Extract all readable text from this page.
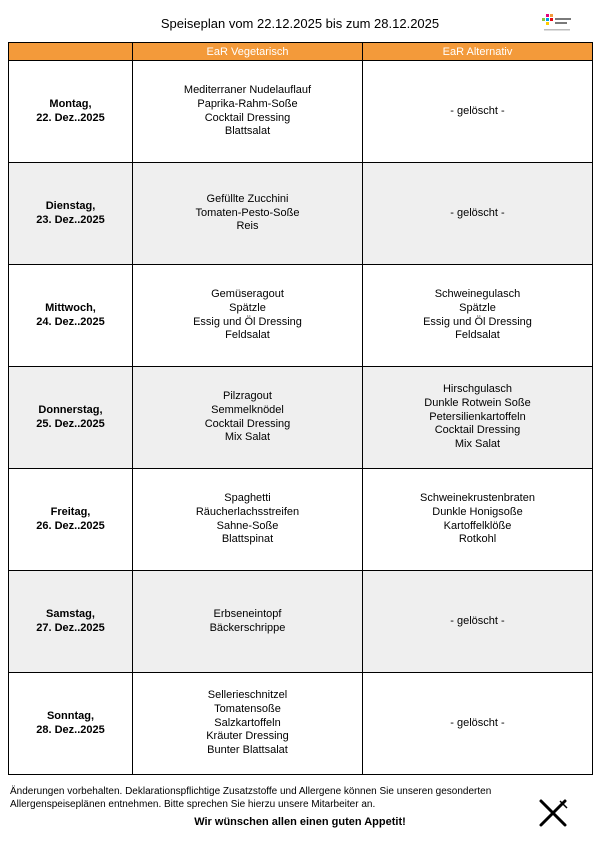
Speiseplan vom 22.12.2025 bis zum 28.12.2025
	EaR Vegetarisch	EaR Alternativ

Montag,
22. Dez..2025	Mediterraner Nudelauflauf
Paprika-Rahm-Soße
Cocktail Dressing
Blattsalat	- gelöscht -

Dienstag,
23. Dez..2025	Gefüllte Zucchini
Tomaten-Pesto-Soße
Reis	- gelöscht -

Mittwoch,
24. Dez..2025	Gemüseragout
Spätzle
Essig und Öl Dressing
Feldsalat	Schweinegulasch
Spätzle
Essig und Öl Dressing
Feldsalat

Donnerstag,
25. Dez..2025	Pilzragout
Semmelknödel
Cocktail Dressing
Mix Salat	Hirschgulasch
Dunkle Rotwein Soße
Petersilienkartoffeln
Cocktail Dressing
Mix Salat

Freitag,
26. Dez..2025	Spaghetti
Räucherlachsstreifen
Sahne-Soße
Blattspinat	Schweinekrustenbraten
Dunkle Honigsoße
Kartoffelklöße
Rotkohl

Samstag,
27. Dez..2025	Erbseneintopf
Bäckerschrippe	- gelöscht -

Sonntag,
28. Dez..2025	Sellerieschnitzel
Tomatensoße
Salzkartoffeln
Kräuter Dressing
Bunter Blattsalat	- gelöscht -
Änderungen vorbehalten. Deklarationspflichtige Zusatzstoffe und Allergene können Sie unseren gesonderten
Allergenspeiseplänen entnehmen. Bitte sprechen Sie hierzu unsere Mitarbeiter an.
Wir wünschen allen einen guten Appetit!
